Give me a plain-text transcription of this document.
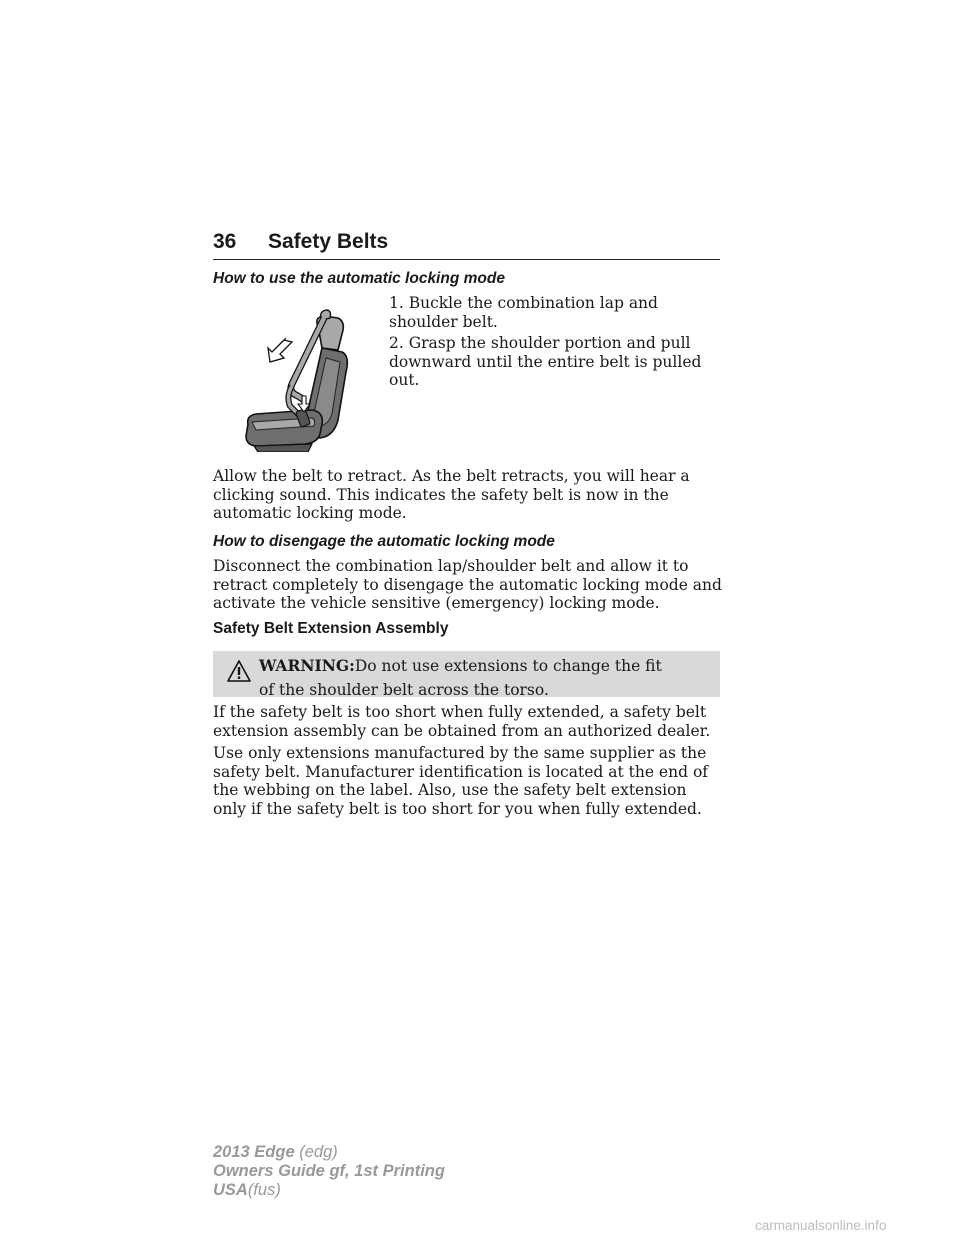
36 Safety Belts
How to use the automatic locking mode
1. Buckle the combination lap and shoulder belt.
2. Grasp the shoulder portion and pull downward until the entire belt is pulled out.
Allow the belt to retract. As the belt retracts, you will hear a clicking sound. This indicates the safety belt is now in the automatic locking mode.
How to disengage the automatic locking mode
Disconnect the combination lap/shoulder belt and allow it to retract completely to disengage the automatic locking mode and activate the vehicle sensitive (emergency) locking mode.
Safety Belt Extension Assembly
WARNING:Do not use extensions to change the fit of the shoulder belt across the torso.
If the safety belt is too short when fully extended, a safety belt extension assembly can be obtained from an authorized dealer.
Use only extensions manufactured by the same supplier as the safety belt. Manufacturer identification is located at the end of the webbing on the label. Also, use the safety belt extension only if the safety belt is too short for you when fully extended.
2013 Edge (edg)
Owners Guide gf, 1st Printing
USA(fus)
carmanualsonline.info
